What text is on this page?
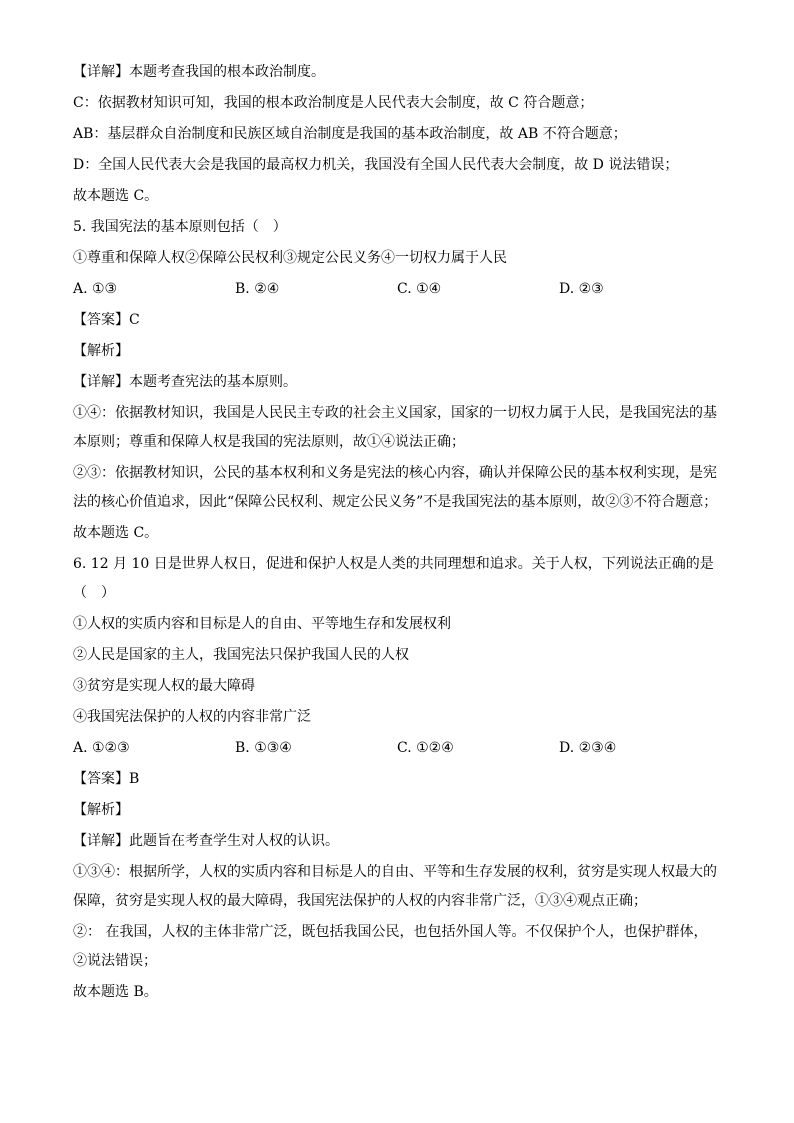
【详解】本题考查我国的根本政治制度。

C：依据教材知识可知，我国的根本政治制度是人民代表大会制度，故 C 符合题意；

AB：基层群众自治制度和民族区域自治制度是我国的基本政治制度，故 AB 不符合题意；

D：全国人民代表大会是我国的最高权力机关，我国没有全国人民代表大会制度，故 D 说法错误；

故本题选 C。

5. 我国宪法的基本原则包括（　）

①尊重和保障人权②保障公民权利③规定公民义务④一切权力属于人民

A. ①③	B. ②④	C. ①④	D. ②③

【答案】C

【解析】

【详解】本题考查宪法的基本原则。

①④：依据教材知识，我国是人民民主专政的社会主义国家，国家的一切权力属于人民，是我国宪法的基

本原则；尊重和保障人权是我国的宪法原则，故①④说法正确；

②③：依据教材知识，公民的基本权利和义务是宪法的核心内容，确认并保障公民的基本权利实现，是宪

法的核心价值追求，因此“保障公民权利、规定公民义务”不是我国宪法的基本原则，故②③不符合题意；

故本题选 C。

6. 12 月 10 日是世界人权日，促进和保护人权是人类的共同理想和追求。关于人权，下列说法正确的是

（　）

①人权的实质内容和目标是人的自由、平等地生存和发展权利

②人民是国家的主人，我国宪法只保护我国人民的人权

③贫穷是实现人权的最大障碍

④我国宪法保护的人权的内容非常广泛

A. ①②③	B. ①③④	C. ①②④	D. ②③④

【答案】B

【解析】

【详解】此题旨在考查学生对人权的认识。

①③④：根据所学，人权的实质内容和目标是人的自由、平等和生存发展的权利，贫穷是实现人权最大的

保障，贫穷是实现人权的最大障碍，我国宪法保护的人权的内容非常广泛，①③④观点正确；

②： 在我国，人权的主体非常广泛，既包括我国公民，也包括外国人等。不仅保护个人，也保护群体，

②说法错误；

故本题选 B。
